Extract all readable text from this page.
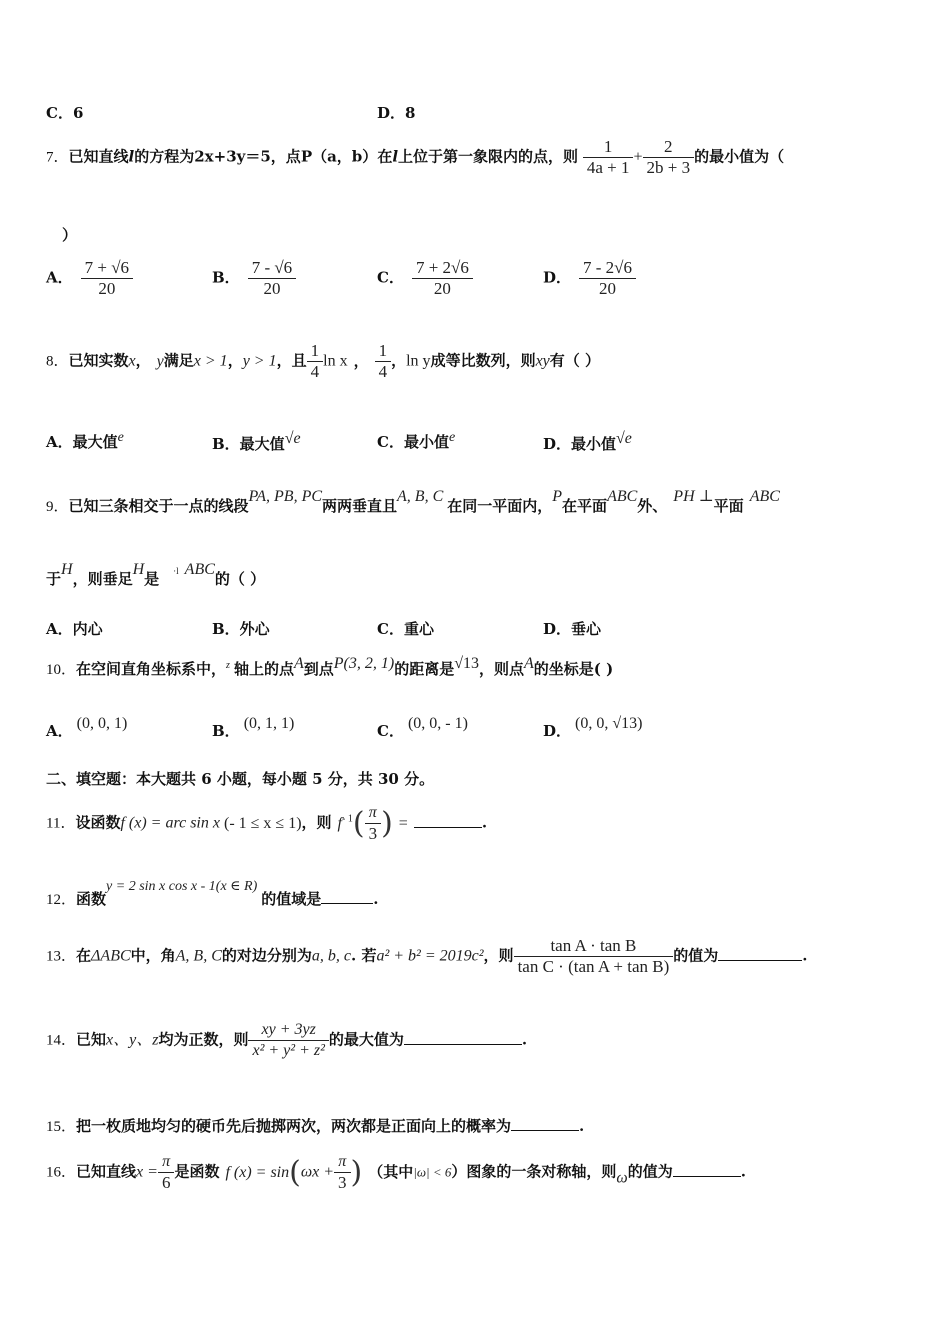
C．6	D．8
7．已知直线l的方程为2x+3y＝5，点P（a，b）在l上位于第一象限内的点，则 $\frac{1}{4a + 1} + \frac{2}{2b + 3}$ 的最小值为（
）
A． $\frac{7 + √6}{20}$	B． $\frac{7 - √6}{20}$	C． $\frac{7 + 2√6}{20}$	D． $\frac{7 - 2√6}{20}$
8．已知实数x， y满足x > 1，y > 1，且 $\frac{1}{4}$ ln x ， $\frac{1}{4}$ ，ln y成等比数列，则xy有（ ）
A．最大值e	B．最大值√e	C．最小值e	D．最小值√e
9．已知三条相交于一点的线段PA, PB, PC两两垂直且A, B, C在同一平面内，P在平面ABC外、PH ⊥平面ABC
于H，则垂足H是 ·l ABC的（ ）
A．内心	B．外心	C．重心	D．垂心
10．在空间直角坐标系中，z 轴上的点A到点P(3, 2, 1)的距离是√13，则点A的坐标是( )
A． (0, 0, 1)	B． (0, 1, 1)	C． (0, 0, - 1)	D． (0, 0, √13)
二、填空题：本大题共 6 小题，每小题 5 分，共 30 分。
11．设函数f (x) = arc sin x (- 1 ≤ x ≤ 1)，则 $f^{- 1}( \frac{\pi}{3}$ ) =	.
12．函数y = 2 sin x cos x - 1(x ∈ R)的值域是	.
13．在ΔABC中，角A, B, C的对边分别为a, b, c. 若a² + b² = 2019c²，则 $\frac{\text{tan A · tan B}}{\text{tan C · (tan A + tan B)}}$ 的值为	.
14．已知x、y、z均为正数，则 $\frac{xy + 3yz}{\text{x² + y² + z²}}$ 的最大值为	.
15．把一枚质地均匀的硬币先后抛掷两次，两次都是正面向上的概率为	.
16．已知直线$x = \frac{\pi}{6}$ 是函数 f $(x) = \sin(\omega x + \frac{\pi}{3}$ ) （其中|ω| < 6）图象的一条对称轴，则ω的值为	.
